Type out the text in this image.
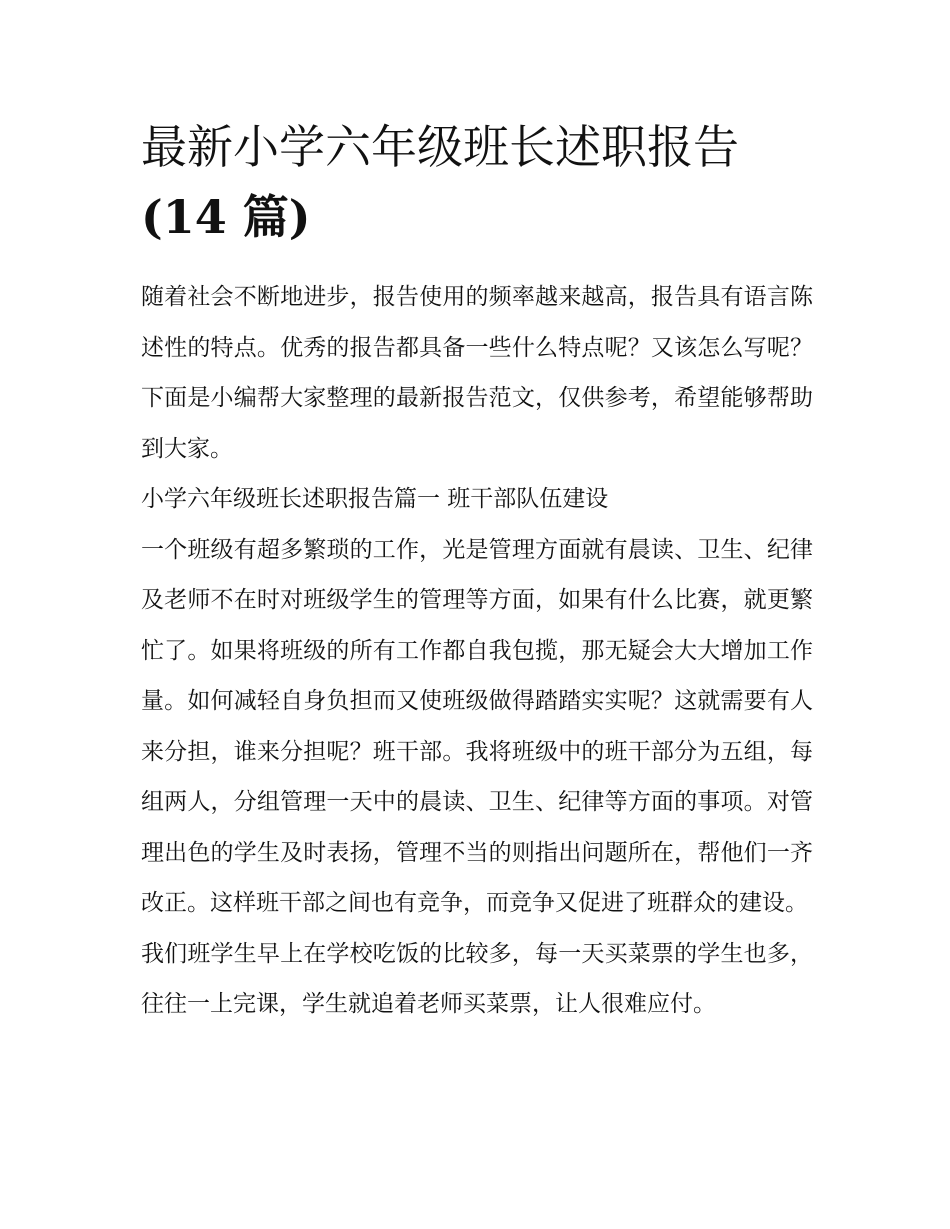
最新小学六年级班长述职报告
(14 篇)

随着社会不断地进步，报告使用的频率越来越高，报告具有语言陈述性的特点。优秀的报告都具备一些什么特点呢？又该怎么写呢？下面是小编帮大家整理的最新报告范文，仅供参考，希望能够帮助到大家。

小学六年级班长述职报告篇一 班干部队伍建设

一个班级有超多繁琐的工作，光是管理方面就有晨读、卫生、纪律及老师不在时对班级学生的管理等方面，如果有什么比赛，就更繁忙了。如果将班级的所有工作都自我包揽，那无疑会大大增加工作量。如何减轻自身负担而又使班级做得踏踏实实呢？这就需要有人来分担，谁来分担呢？班干部。我将班级中的班干部分为五组，每组两人，分组管理一天中的晨读、卫生、纪律等方面的事项。对管理出色的学生及时表扬，管理不当的则指出问题所在，帮他们一齐改正。这样班干部之间也有竞争，而竞争又促进了班群众的建设。

我们班学生早上在学校吃饭的比较多，每一天买菜票的学生也多，往往一上完课，学生就追着老师买菜票，让人很难应付。
